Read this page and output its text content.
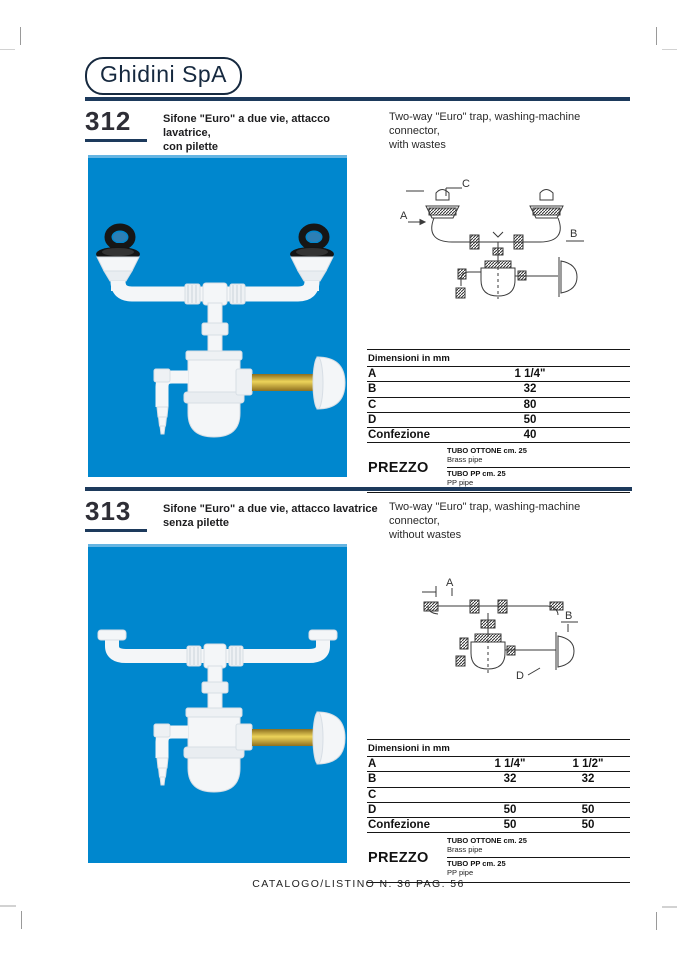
Ghidini SpA
312	Sifone "Euro" a due vie, attacco lavatrice,
con pilette
Two-way "Euro" trap, washing-machine connector,
with wastes
C
A
B
Dimensioni in mm
A	1 1/4"
B	32
C	80
D	50
Confezione	40
PREZZO
TUBO OTTONE cm. 25
Brass pipe
TUBO PP cm. 25
PP pipe
313	Sifone "Euro" a due vie, attacco lavatrice
senza pilette
Two-way "Euro" trap, washing-machine connector,
without wastes
A
B
D
Dimensioni in mm
A	1 1/4"	1 1/2"
B	32	32
C
D	50	50
Confezione	50	50
PREZZO
TUBO OTTONE cm. 25
Brass pipe
TUBO PP cm. 25
PP pipe
CATALOGO/LISTINO N. 36 PAG. 56
